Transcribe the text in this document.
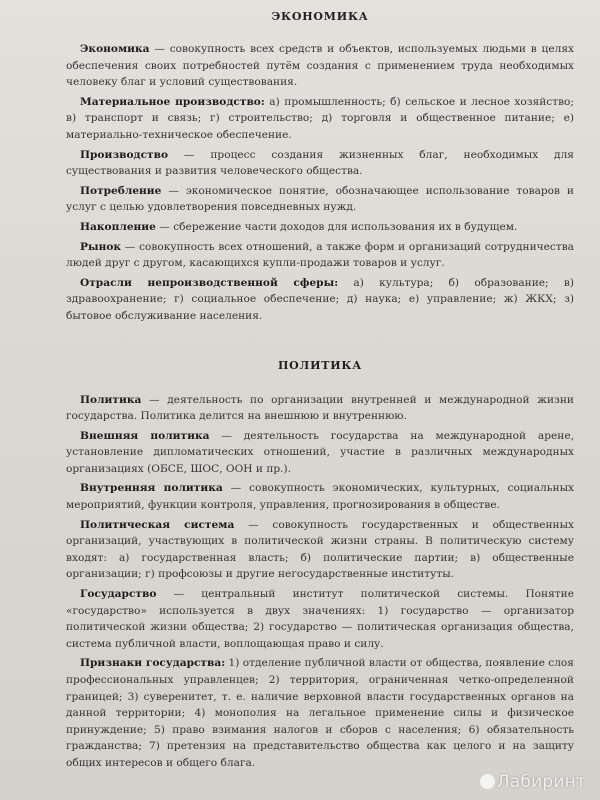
ЭКОНОМИКА

Экономика — совокупность всех средств и объектов, используемых людьми в целях обеспечения своих потребностей путём создания с применением труда необходимых человеку благ и условий существования.

Материальное производство: а) промышленность; б) сельское и лесное хозяйство; в) транспорт и связь; г) строительство; д) торговля и общественное питание; е) материально-техническое обеспечение.

Производство — процесс создания жизненных благ, необходимых для существования и развития человеческого общества.

Потребление — экономическое понятие, обозначающее использование товаров и услуг с целью удовлетворения повседневных нужд.

Накопление — сбережение части доходов для использования их в будущем.

Рынок — совокупность всех отношений, а также форм и организаций сотрудничества людей друг с другом, касающихся купли-продажи товаров и услуг.

Отрасли непроизводственной сферы: а) культура; б) образование; в) здравоохранение; г) социальное обеспечение; д) наука; е) управление; ж) ЖКХ; з) бытовое обслуживание населения.

ПОЛИТИКА

Политика — деятельность по организации внутренней и международной жизни государства. Политика делится на внешнюю и внутреннюю.

Внешняя политика — деятельность государства на международной арене, установление дипломатических отношений, участие в различных международных организациях (ОБСЕ, ШОС, ООН и пр.).

Внутренняя политика — совокупность экономических, культурных, социальных мероприятий, функции контроля, управления, прогнозирования в обществе.

Политическая система — совокупность государственных и общественных организаций, участвующих в политической жизни страны. В политическую систему входят: а) государственная власть; б) политические партии; в) общественные организации; г) профсоюзы и другие негосударственные институты.

Государство — центральный институт политической системы. Понятие «государство» используется в двух значениях: 1) государство — организатор политической жизни общества; 2) государство — политическая организация общества, система публичной власти, воплощающая право и силу.

Признаки государства: 1) отделение публичной власти от общества, появление слоя профессиональных управленцев; 2) территория, ограниченная четко-определенной границей; 3) суверенитет, т. е. наличие верховной власти государственных органов на данной территории; 4) монополия на легальное применение силы и физическое принуждение; 5) право взимания налогов и сборов с населения; 6) обязательность гражданства; 7) претензия на представительство общества как целого и на защиту общих интересов и общего блага.

Лабиринт
